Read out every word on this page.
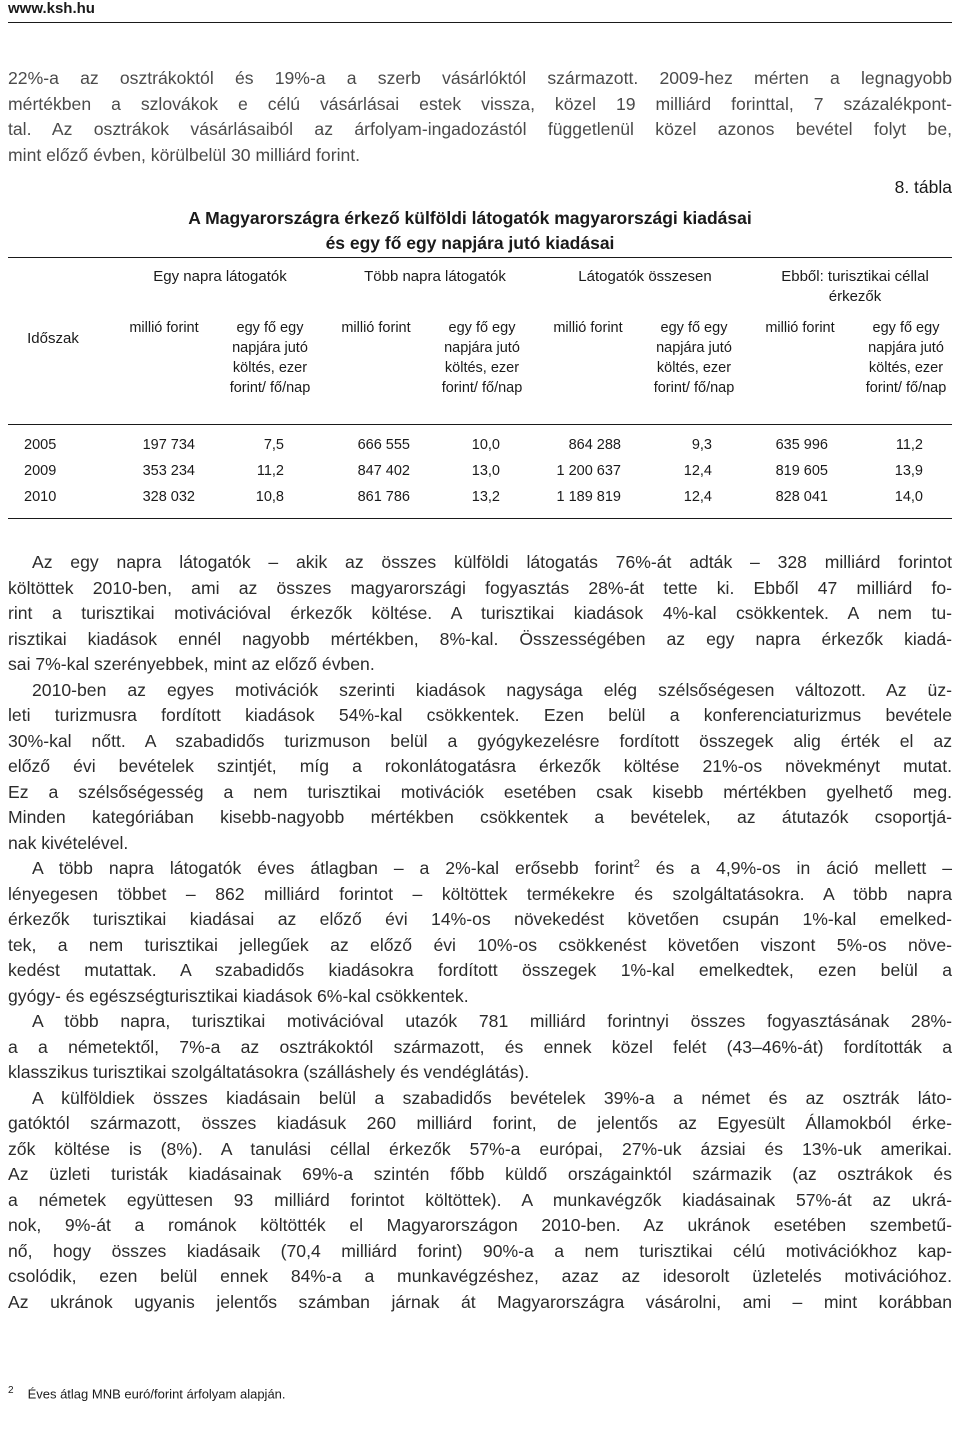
www.ksh.hu
22%-a az osztrákoktól és 19%-a a szerb vásárlóktól származott. 2009-hez mérten a legnagyobb
mértékben a szlovákok e célú vásárlásai estek vissza, közel 19 milliárd forinttal, 7 százalékpont-
tal. Az osztrákok vásárlásaiból az árfolyam-ingadozástól függetlenül közel azonos bevétel folyt be,
mint előző évben, körülbelül 30 milliárd forint.
8. tábla
A Magyarországra érkező külföldi látogatók magyarországi kiadásai
és egy fő egy napjára jutó kiadásai
Egy napra látogatók	Több napra látogatók	Látogatók összesen	Ebből: turisztikai céllal érkezők
Időszak
millió forint	egy fő egy napjára jutó költés, ezer forint/ fő/nap
millió forint	egy fő egy napjára jutó költés, ezer forint/ fő/nap
millió forint	egy fő egy napjára jutó költés, ezer forint/ fő/nap
millió forint	egy fő egy napjára jutó költés, ezer forint/ fő/nap
2005	197 734	7,5	666 555	10,0	864 288	9,3	635 996	11,2
2009	353 234	11,2	847 402	13,0	1 200 637	12,4	819 605	13,9
2010	328 032	10,8	861 786	13,2	1 189 819	12,4	828 041	14,0
Az egy napra látogatók – akik az összes külföldi látogatás 76%-át adták – 328 milliárd forintot
költöttek 2010-ben, ami az összes magyarországi fogyasztás 28%-át tette ki. Ebből 47 milliárd fo-
rint a turisztikai motivációval érkezők költése. A turisztikai kiadások 4%-kal csökkentek. A nem tu-
risztikai kiadások ennél nagyobb mértékben, 8%-kal. Összességében az egy napra érkezők kiadá-
sai 7%-kal szerényebbek, mint az előző évben.
2010-ben az egyes motivációk szerinti kiadások nagysága elég szélsőségesen változott. Az üz-
leti turizmusra fordított kiadások 54%-kal csökkentek. Ezen belül a konferenciaturizmus bevétele
30%-kal nőtt. A szabadidős turizmuson belül a gyógykezelésre fordított összegek alig érték el az
előző évi bevételek szintjét, míg a rokonlátogatásra érkezők költése 21%-os növekményt mutat.
Ez a szélsőségesség a nem turisztikai motivációk esetében csak kisebb mértékben gyelhető meg.
Minden kategóriában kisebb-nagyobb mértékben csökkentek a bevételek, az átutazók csoportjá-
nak kivételével.
A több napra látogatók éves átlagban – a 2%-kal erősebb forint$^2$ és a 4,9%-os in áció mellett –
lényegesen többet – 862 milliárd forintot – költöttek termékekre és szolgáltatásokra. A több napra
érkezők turisztikai kiadásai az előző évi 14%-os növekedést követően csupán 1%-kal emelked-
tek, a nem turisztikai jellegűek az előző évi 10%-os csökkenést követően viszont 5%-os növe-
kedést mutattak. A szabadidős kiadásokra fordított összegek 1%-kal emelkedtek, ezen belül a
gyógy- és egészségturisztikai kiadások 6%-kal csökkentek.
A több napra, turisztikai motivációval utazók 781 milliárd forintnyi összes fogyasztásának 28%-
a a németektől, 7%-a az osztrákoktól származott, és ennek közel felét (43–46%-át) fordították a
klasszikus turisztikai szolgáltatásokra (szálláshely és vendéglátás).
A külföldiek összes kiadásain belül a szabadidős bevételek 39%-a a német és az osztrák láto-
gatóktól származott, összes kiadásuk 260 milliárd forint, de jelentős az Egyesült Államokból érke-
zők költése is (8%). A tanulási céllal érkezők 57%-a európai, 27%-uk ázsiai és 13%-uk amerikai.
Az üzleti turisták kiadásainak 69%-a szintén főbb küldő országainktól származik (az osztrákok és
a németek együttesen 93 milliárd forintot költöttek). A munkavégzők kiadásainak 57%-át az ukrá-
nok, 9%-át a románok költötték el Magyarországon 2010-ben. Az ukránok esetében szembetű-
nő, hogy összes kiadásaik (70,4 milliárd forint) 90%-a a nem turisztikai célú motivációkhoz kap-
csolódik, ezen belül ennek 84%-a a munkavégzéshez, azaz az idesorolt üzletelés motivációhoz.
Az ukránok ugyanis jelentős számban járnak át Magyarországra vásárolni, ami – mint korábban
$^2$ Éves átlag MNB euró/forint árfolyam alapján.
